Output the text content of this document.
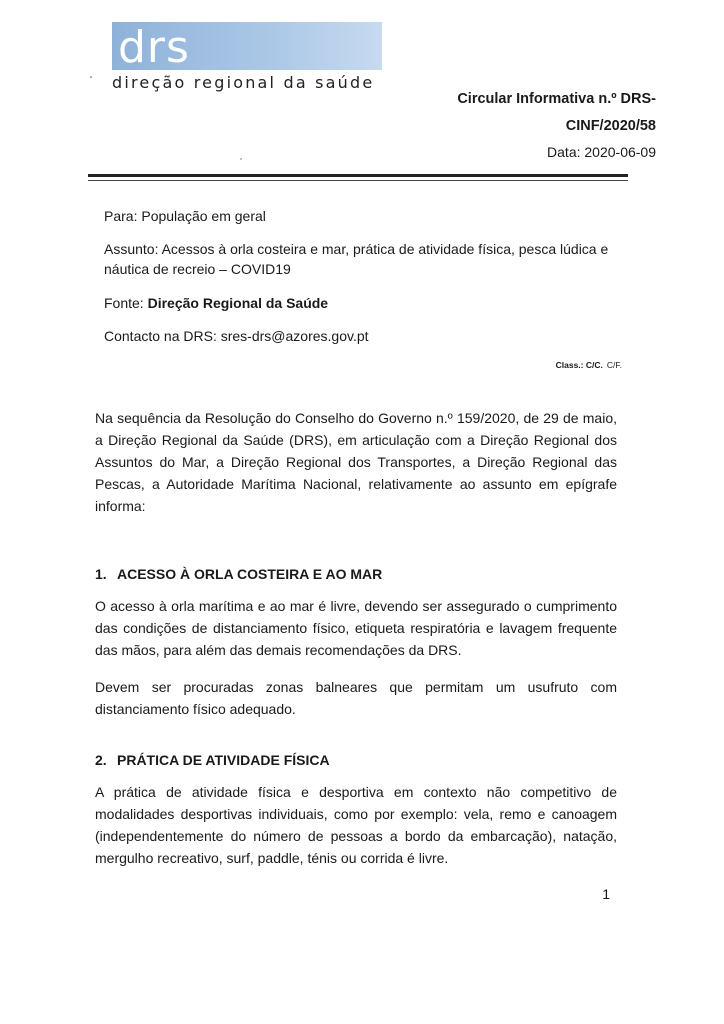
drs
direção regional da saúde
Circular Informativa n.º DRS-
CINF/2020/58
Data: 2020-06-09
Para: População em geral
Assunto: Acessos à orla costeira e mar, prática de atividade física, pesca lúdica e náutica de recreio – COVID19
Fonte: Direção Regional da Saúde
Contacto na DRS: sres-drs@azores.gov.pt
Class.: C/C. C/F.
Na sequência da Resolução do Conselho do Governo n.º 159/2020, de 29 de maio, a Direção Regional da Saúde (DRS), em articulação com a Direção Regional dos Assuntos do Mar, a Direção Regional dos Transportes, a Direção Regional das Pescas, a Autoridade Marítima Nacional, relativamente ao assunto em epígrafe informa:
1. ACESSO À ORLA COSTEIRA E AO MAR
O acesso à orla marítima e ao mar é livre, devendo ser assegurado o cumprimento das condições de distanciamento físico, etiqueta respiratória e lavagem frequente das mãos, para além das demais recomendações da DRS.
Devem ser procuradas zonas balneares que permitam um usufruto com distanciamento físico adequado.
2. PRÁTICA DE ATIVIDADE FÍSICA
A prática de atividade física e desportiva em contexto não competitivo de modalidades desportivas individuais, como por exemplo: vela, remo e canoagem (independentemente do número de pessoas a bordo da embarcação), natação, mergulho recreativo, surf, paddle, ténis ou corrida é livre.
1
